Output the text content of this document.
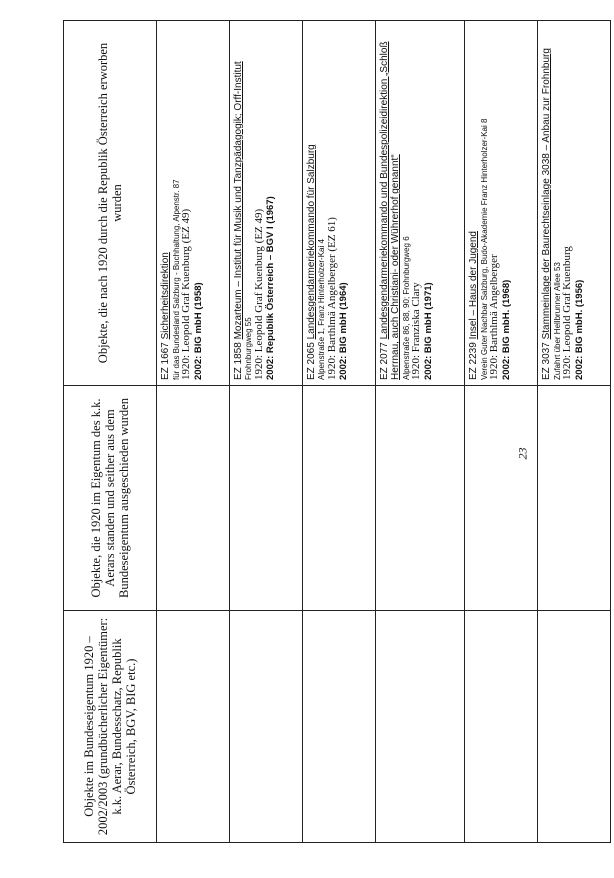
Objekte im Bundeseigentum 1920 – 2002/2003 (grundbücherlicher Eigentümer: k.k. Aerar, Bundesschatz, Republik Österreich, BGV, BIG etc.)	Objekte, die 1920 im Eigentum des k.k. Aerars standen und seither aus dem Bundeseigentum ausgeschieden wurden	Objekte, die nach 1920 durch die Republik Österreich erworben wurden
		EZ 1667 Sicherheitsdirektion für das Bundesland Salzburg - Buchhaltung, Alpenstr. 87 1920: Leopold Graf Kuenburg (EZ 49) 2002: BIG mbH (1958)

		EZ 1858 Mozarteum – Institut für Musik und Tanzpädagogik; Orff-Institut
Frohnburgweg 55 1920: Leopold Graf Kuenburg (EZ 49) 2002: Republik Österreich – BGV I (1967)

		EZ 2065 Landesgendarmeriekommando für Salzburg Alpenstraße 1, Franz Hinterholzer-Kai 4 1920: Barthlmä Angelberger (EZ 61) 2002: BIG mbH (1964)

		EZ 2077 Landesgendarmeriekommando und Bundespolizeidirektion „Schloß Herrnau, auch Christiani- oder Wührerhof genannt“ Alpenstraße 86, 88, 90; Frohnburgweg 6 1920: Franziska Clary 2002: BIG mbH (1971)

		EZ 2239 Insel – Haus der Jugend Verein Guter Nachbar Salzburg, Budo-Akademie Franz Hinterholzer-Kai 8 1920: Barthlmä Angelberger 2002: BIG mbH. (1968)

		EZ 3037 Stammeinlage der Baurechtseinlage 3038 – Anbau zur Frohnburg Zufahrt über Hellbrunner Allee 53 1920: Leopold Graf Kuenburg 2002: BIG mbH. (1956)
23
